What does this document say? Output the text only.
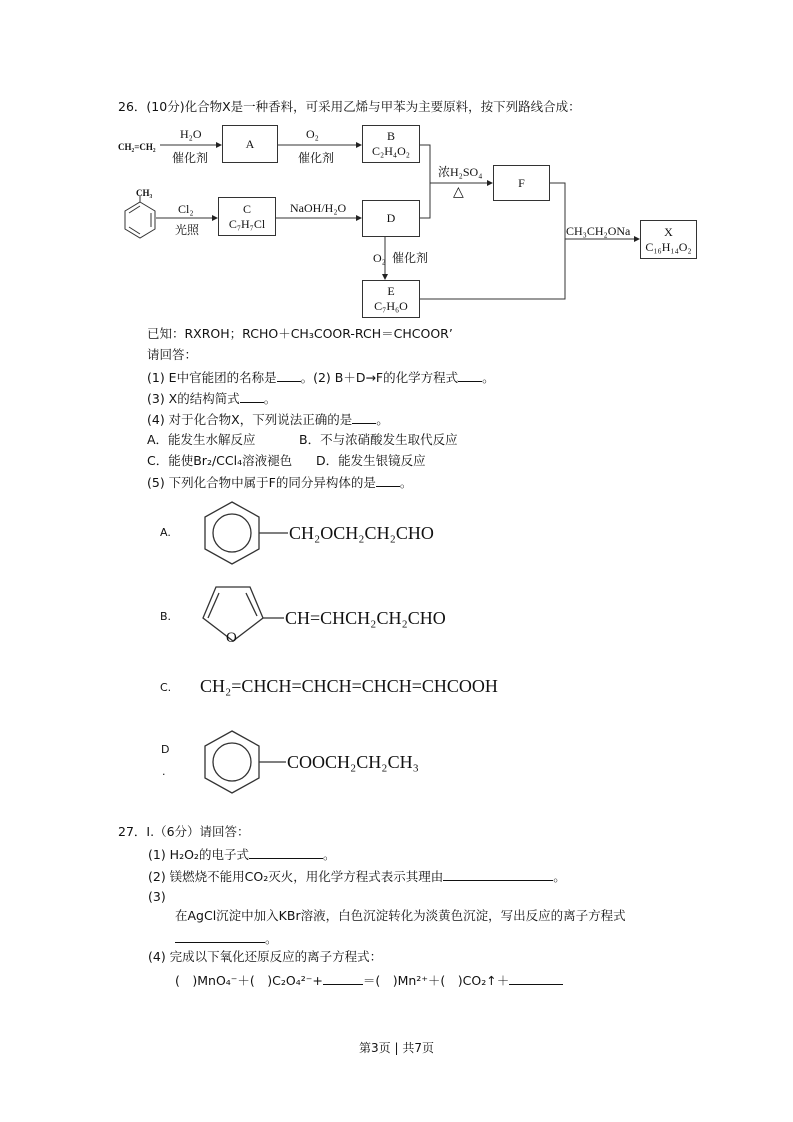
26．(10分)化合物X是一种香料，可采用乙烯与甲苯为主要原料，按下列路线合成：
CH₂=CH₂
CH₃
H₂O
催化剂
O₂
催化剂
Cl₂
光照
NaOH/H₂O
O₂ 催化剂
浓H₂SO₄
△
CH₃CH₂ONa
A
B
C₂H₄O₂
C
C₇H₇Cl	D
E
C₇H₆O
F
X
C₁₆H₁₄O₂
已知：RXROH；RCHO＋CH₃COOR-RCH＝CHCOOR’
请回答：
(1) E中官能团的名称是 。(2) B＋D→F的化学方程式 。
(3) X的结构简式 。
(4) 对于化合物X，下列说法正确的是 。
A．能发生水解反应	B．不与浓硝酸发生取代反应
C．能使Br₂/CCl₄溶液褪色 D．能发生银镜反应
(5) 下列化合物中属于F的同分异构体的是 。
A.	CH₂OCH₂CH₂CHO
B.
O
CH=CHCH₂CH₂CHO
C. CH₂=CHCH=CHCH=CHCH=CHCOOH
D
.	COOCH₂CH₂CH₃
27．I.（6分）请回答：
(1) H₂O₂的电子式	。
(2) 镁燃烧不能用CO₂灭火，用化学方程式表示其理由	。
(3)
在AgCl沉淀中加入KBr溶液，白色沉淀转化为淡黄色沉淀，写出反应的离子方程式
。
(4) 完成以下氧化还原反应的离子方程式：
(　)MnO₄⁻＋(　)C₂O₄²⁻+	＝(　)Mn²⁺＋(　)CO₂↑＋
第3页 | 共7页
